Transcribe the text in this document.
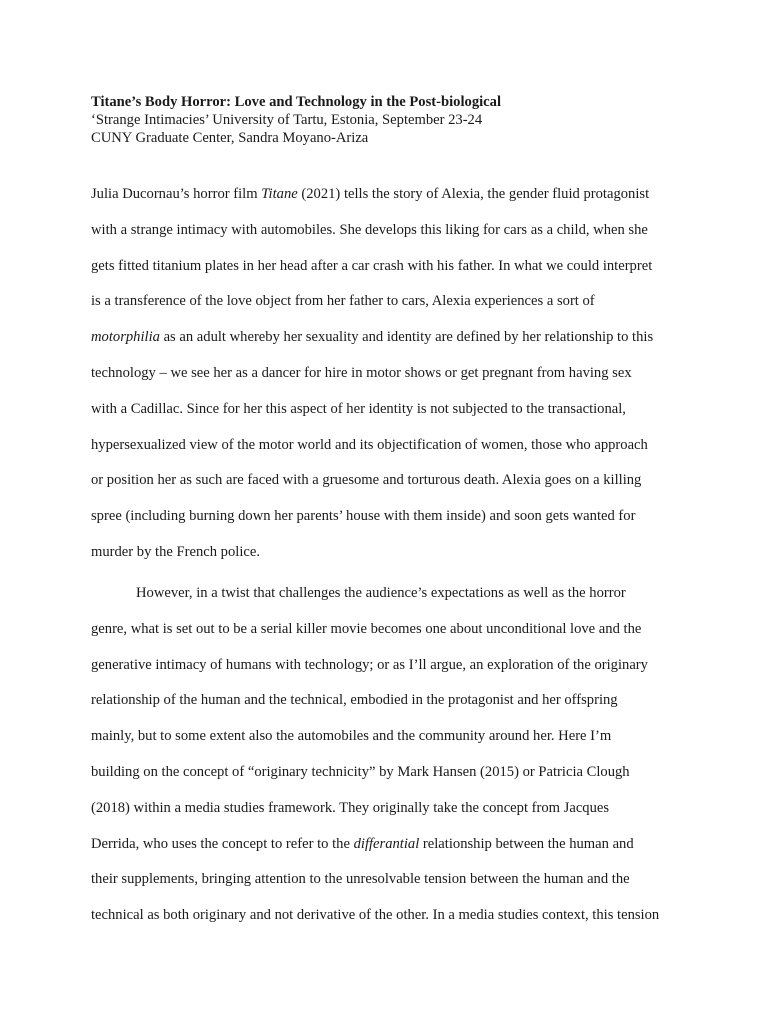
Titane’s Body Horror: Love and Technology in the Post-biological
‘Strange Intimacies’ University of Tartu, Estonia, September 23-24
CUNY Graduate Center, Sandra Moyano-Ariza
Julia Ducornau’s horror film Titane (2021) tells the story of Alexia, the gender fluid protagonist
with a strange intimacy with automobiles. She develops this liking for cars as a child, when she
gets fitted titanium plates in her head after a car crash with his father. In what we could interpret
is a transference of the love object from her father to cars, Alexia experiences a sort of
motorphilia as an adult whereby her sexuality and identity are defined by her relationship to this
technology – we see her as a dancer for hire in motor shows or get pregnant from having sex
with a Cadillac. Since for her this aspect of her identity is not subjected to the transactional,
hypersexualized view of the motor world and its objectification of women, those who approach
or position her as such are faced with a gruesome and torturous death. Alexia goes on a killing
spree (including burning down her parents’ house with them inside) and soon gets wanted for
murder by the French police.
However, in a twist that challenges the audience’s expectations as well as the horror
genre, what is set out to be a serial killer movie becomes one about unconditional love and the
generative intimacy of humans with technology; or as I’ll argue, an exploration of the originary
relationship of the human and the technical, embodied in the protagonist and her offspring
mainly, but to some extent also the automobiles and the community around her. Here I’m
building on the concept of “originary technicity” by Mark Hansen (2015) or Patricia Clough
(2018) within a media studies framework. They originally take the concept from Jacques
Derrida, who uses the concept to refer to the differantial relationship between the human and
their supplements, bringing attention to the unresolvable tension between the human and the
technical as both originary and not derivative of the other. In a media studies context, this tension
